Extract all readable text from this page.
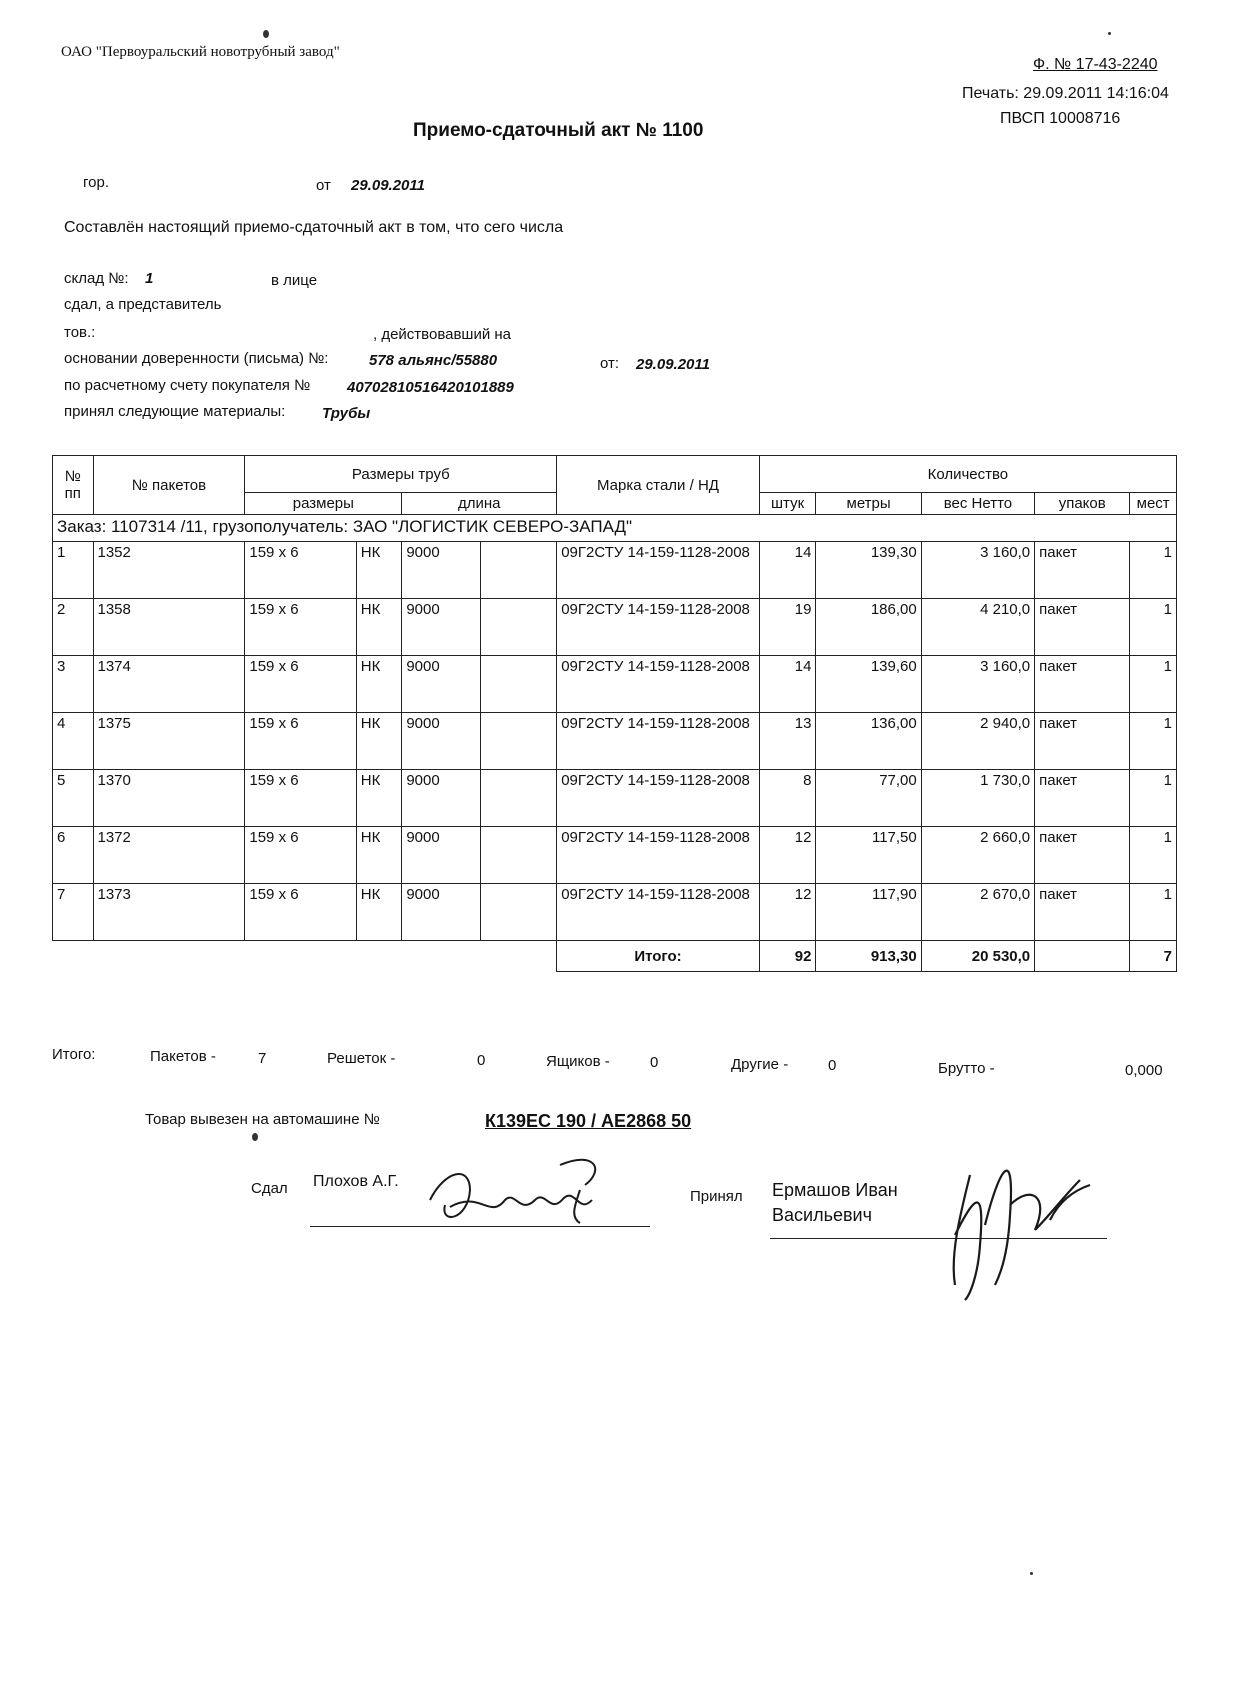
ОАО "Первоуральский новотрубный завод"
Ф. № 17-43-2240
Печать: 29.09.2011 14:16:04
ПВСП 10008716
Приемо-сдаточный акт № 1100
гор.	от 29.09.2011
Составлён настоящий приемо-сдаточный акт в том, что сего числа
склад №: 1	в лице
сдал, а представитель
тов.:	, действовавший на
основании доверенности (письма) №:	578 альянс/55880	от: 29.09.2011
по расчетному счету покупателя № 40702810516420101889
принял следующие материалы: Трубы
№ пп	№ пакетов	Размеры труб				Марка стали / НД	Количество				
		размеры		длина			штук	метры	вес Нетто	упаков	мест
Заказ: 1107314 /11, грузополучатель: ЗАО "ЛОГИСТИК СЕВЕРО-ЗАПАД"											
1	1352	159 x 6	НК	9000		09Г2СТУ 14-159-1128-2008	14	139,30	3 160,0	пакет	1
2	1358	159 x 6	НК	9000		09Г2СТУ 14-159-1128-2008	19	186,00	4 210,0	пакет	1
3	1374	159 x 6	НК	9000		09Г2СТУ 14-159-1128-2008	14	139,60	3 160,0	пакет	1
4	1375	159 x 6	НК	9000		09Г2СТУ 14-159-1128-2008	13	136,00	2 940,0	пакет	1
5	1370	159 x 6	НК	9000		09Г2СТУ 14-159-1128-2008	8	77,00	1 730,0	пакет	1
6	1372	159 x 6	НК	9000		09Г2СТУ 14-159-1128-2008	12	117,50	2 660,0	пакет	1
7	1373	159 x 6	НК	9000		09Г2СТУ 14-159-1128-2008	12	117,90	2 670,0	пакет	1
						Итого:	92	913,30	20 530,0		7
Итого:	Пакетов -	7	Решеток -	0	Ящиков -	0	Другие -	0	Брутто -	0,000
Товар вывезен на автомашине №	К139ЕС 190 / АЕ2868 50
Сдал Плохов А.Г.
Принял Ермашов Иван
Васильевич
